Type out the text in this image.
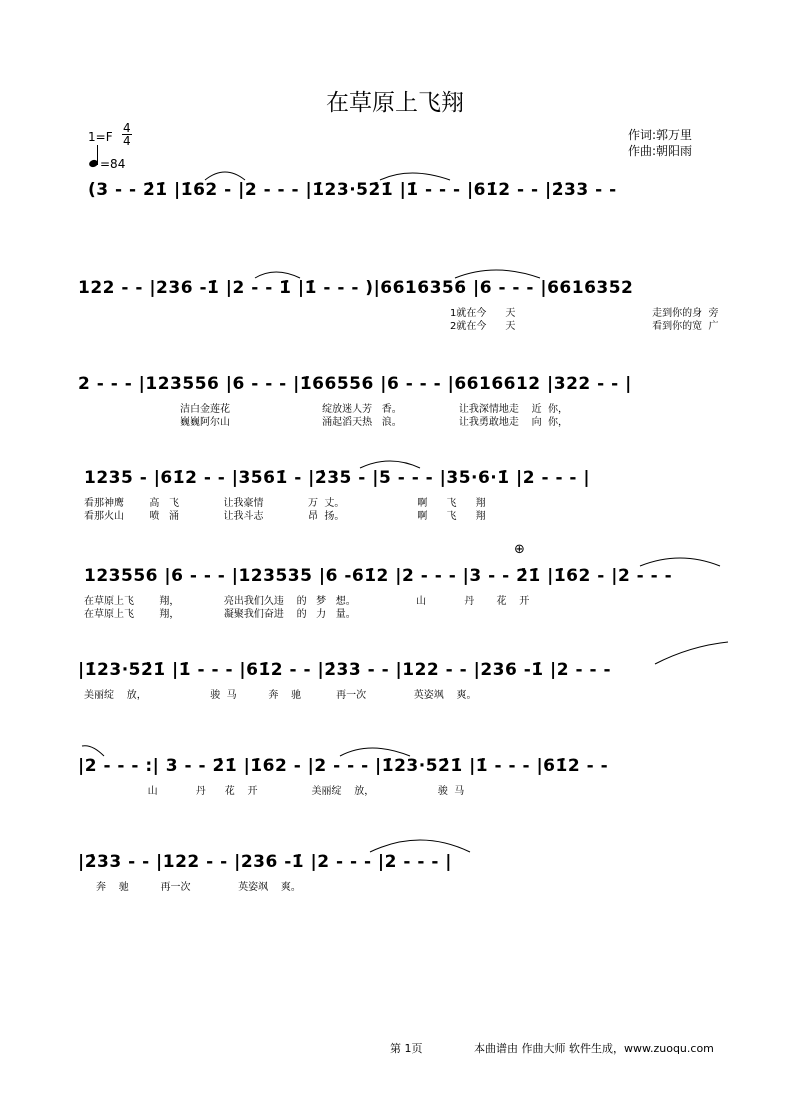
在草原上飞翔
$1=F \frac{4}{4}$
=84
作词:郭万里
作曲:朝阳雨
(3 - - 2̇1̇ |1̇62 - |2 - - - |1̇23·52̇1̇ |1̇ - - - |61̇2 - - |2̇33 - -
122 - - |236 -1̇ |2 - - 1̇ |1̇ - - - )|6616356 |6 - - - |6616352
1就在今      天                                           走到你的身  旁
2就在今      天                                           看到你的宽  广
2 - - - |123556 |6 - - - |1̇66556 |6 - - - |6616612 |322 - - |
洁白金莲花                             绽放迷人芳   香。                  让我深情地走    近  你，
巍巍阿尔山                             涌起滔天热   浪。                  让我勇敢地走    向  你，
1235 - |61̇2 - - |3561̇ - |2̇35 - |5 - - - |35·6·1̇ |2 - - - |
看那神鹰        高   飞              让我豪情              万  丈。                       啊      飞      翔
看那火山        喷   涌              让我斗志              昂  扬。                       啊      飞      翔
⊕
123556 |6 - - - |123535 |6 -61̇2 |2 - - - |3 - - 2̇1̇ |1̇62 - |2 - - -
在草原上飞        翔，              亮出我们久违    的   梦   想。                   山            丹       花    开
在草原上飞        翔，              凝聚我们奋进    的   力   量。
|1̇23·52̇1̇ |1̇ - - - |61̇2 - - |2̇33 - - |122 - - |236 -1̇ |2 - - -
美丽绽    放，                    骏  马          奔    驰           再一次               英姿飒    爽。
|2 - - - :| 3 - - 2̇1̇ |1̇62 - |2 - - - |1̇23·52̇1̇ |1̇ - - - |61̇2 - -
山            丹      花    开                 美丽绽    放，                    骏  马
|2̇33 - - |122 - - |236 -1̇ |2 - - - |2 - - - |
奔    驰          再一次               英姿飒    爽。
第 1页	本曲谱由 作曲大师 软件生成，www.zuoqu.com
